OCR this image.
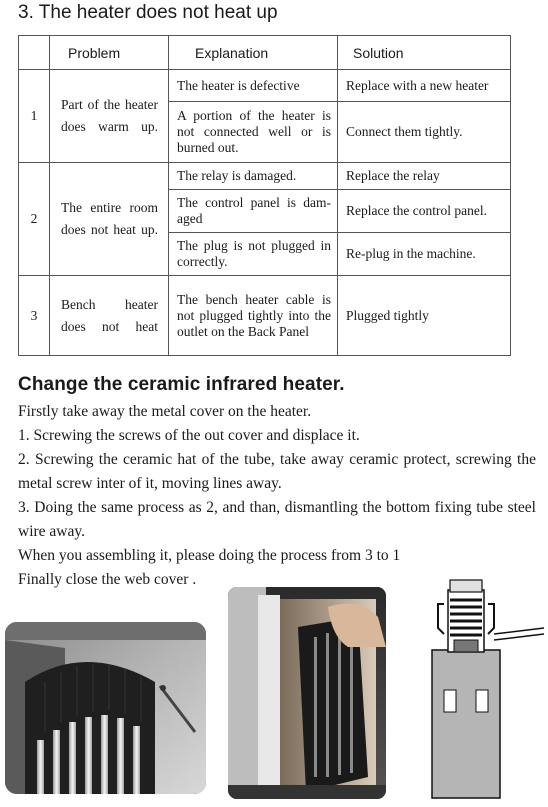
3. The heater does not heat up
	Problem	Explanation	Solution
1	Part of the heater does warm up.	The heater is defective	Replace with a new heater
		A portion of the heater is not connected well or is burned out.	Connect them tightly.
2	The entire room does not heat up.	The relay is damaged.	Replace the relay
		The control panel is dam-aged	Replace the control panel.
		The plug is not plugged in correctly.	Re-plug in the machine.
3	Bench heater does not heat	The bench heater cable is not plugged tightly into the outlet on the Back Panel	Plugged tightly
Change the ceramic infrared heater.

Firstly take away the metal cover on the heater.

1. Screwing the screws of the out cover and displace it.

2. Screwing the ceramic hat of the tube, take away ceramic protect, screwing the metal screw inter of it, moving lines away.

3. Doing the same process as 2, and than, dismantling the bottom fixing tube steel wire away.

When you assembling it, please doing the process from 3 to 1

Finally close the web cover .
